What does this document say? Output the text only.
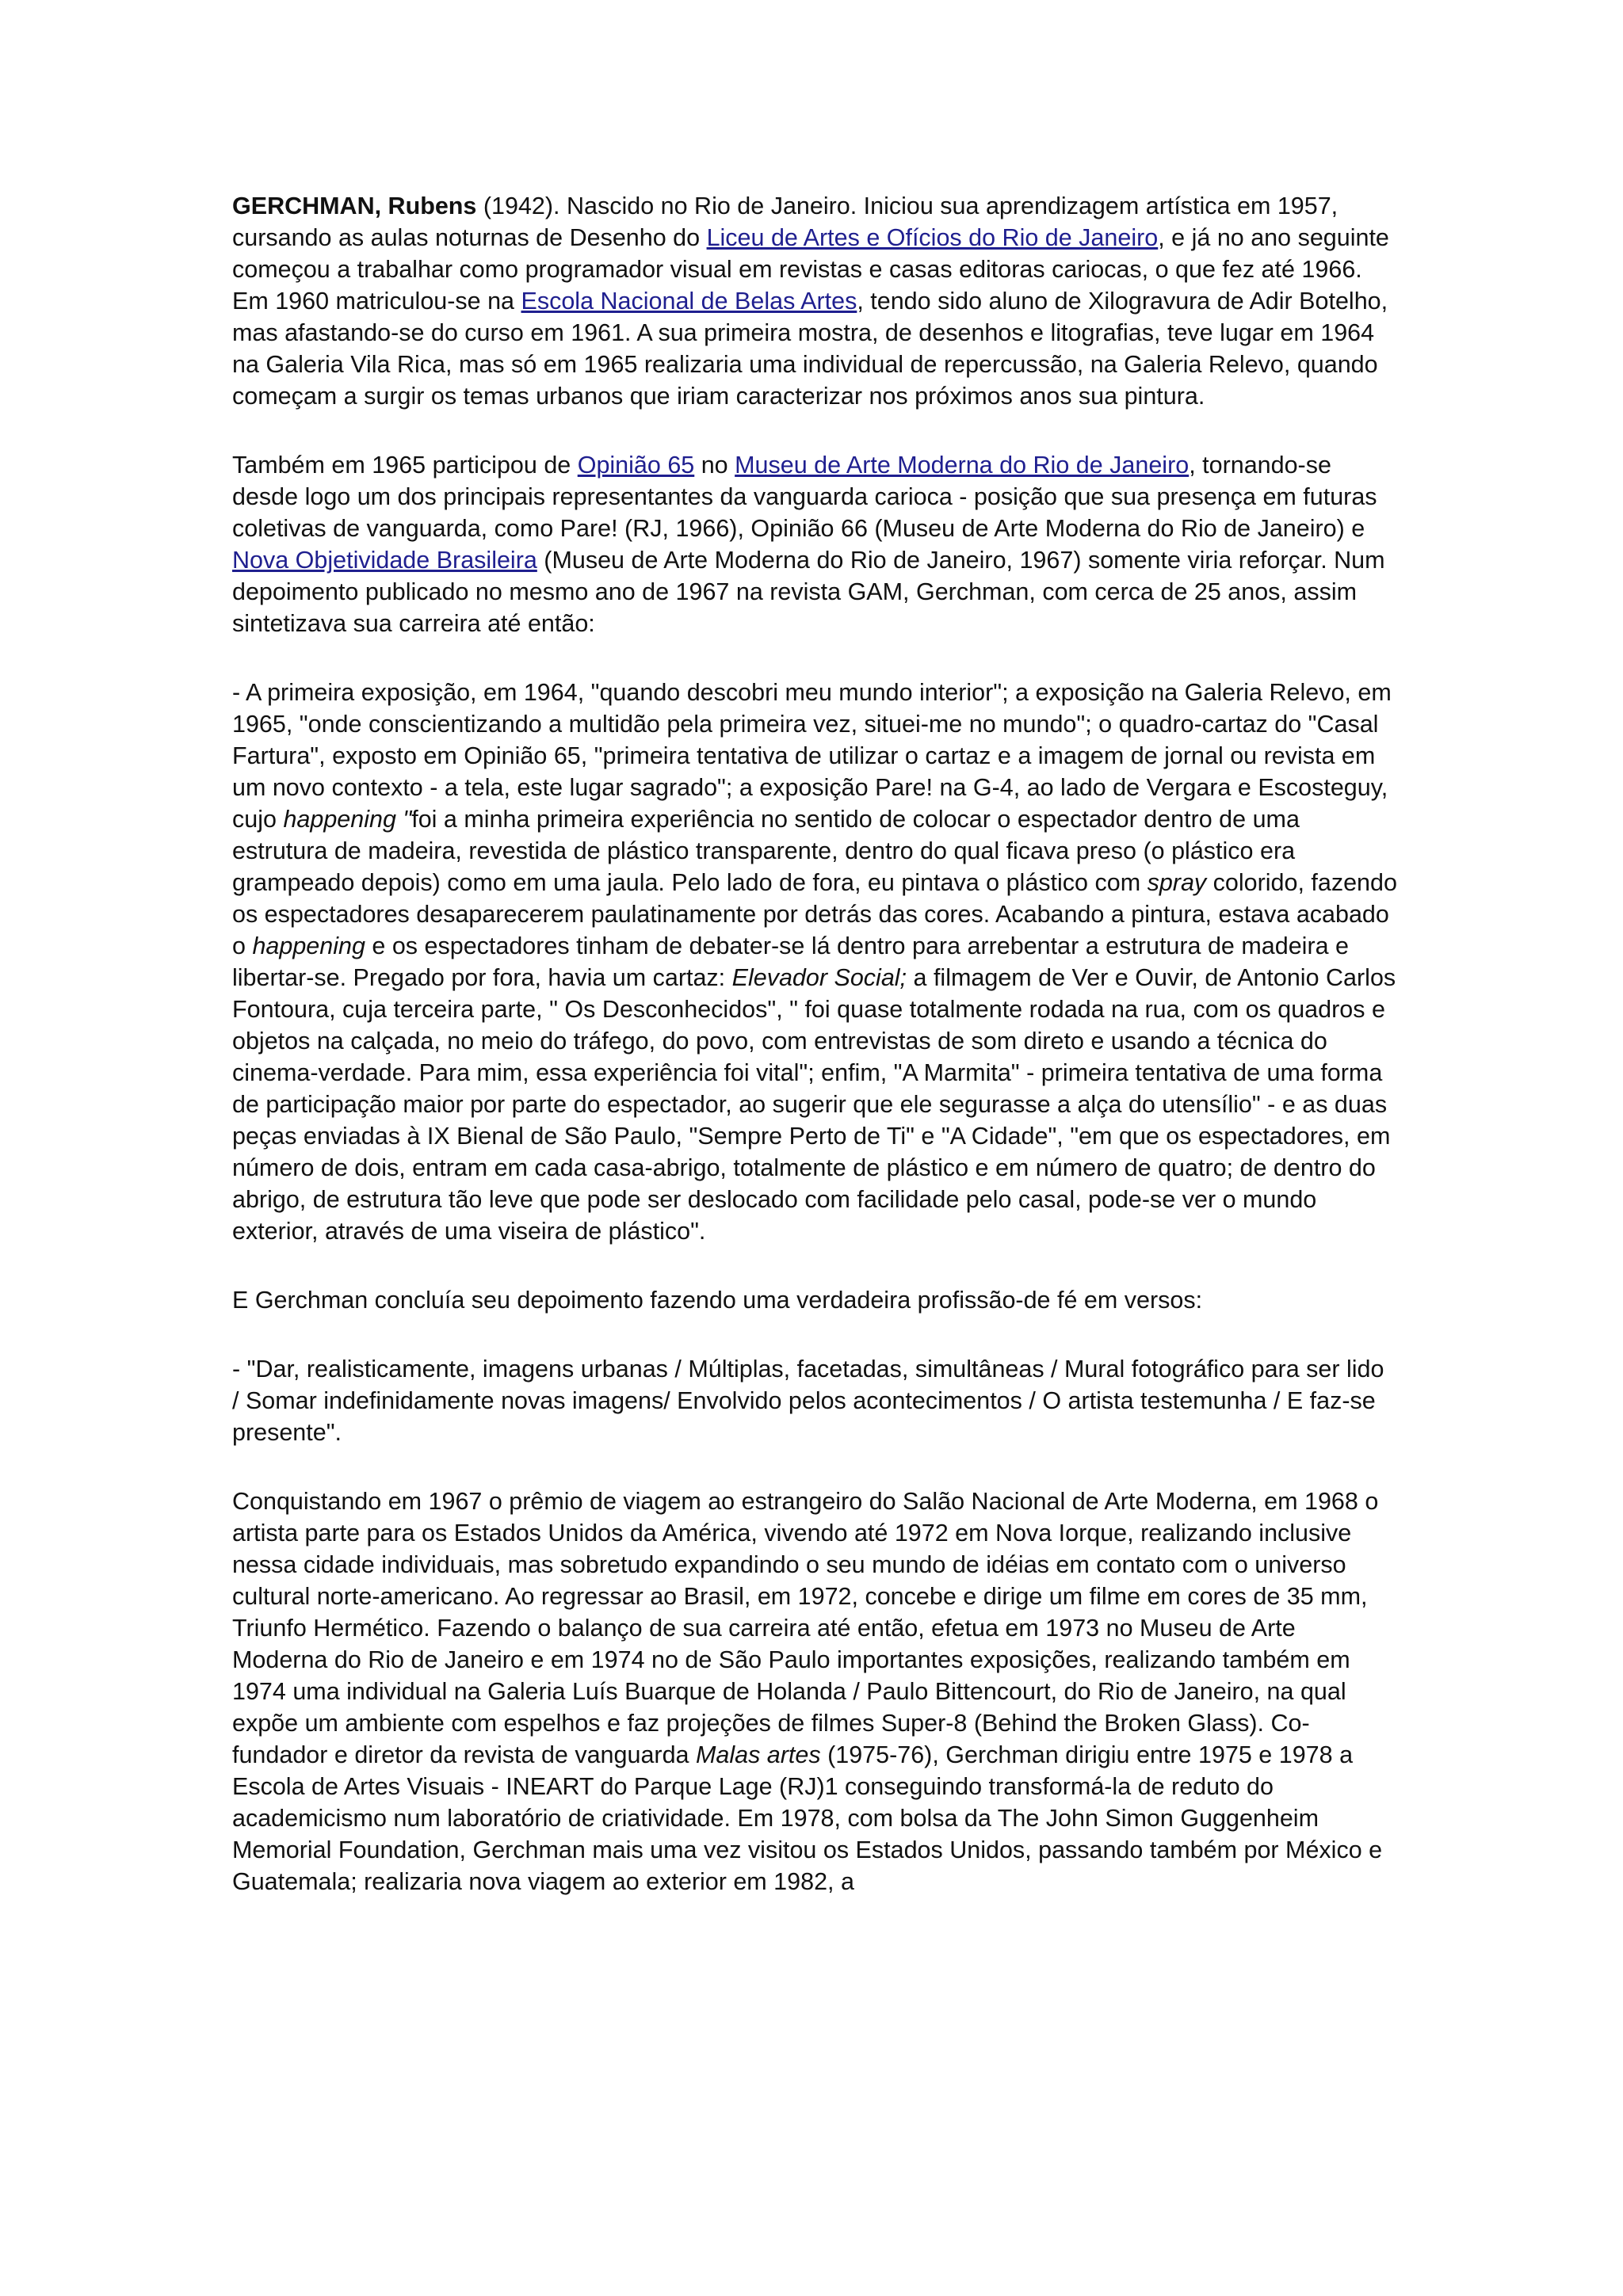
GERCHMAN, Rubens (1942). Nascido no Rio de Janeiro. Iniciou sua aprendizagem artística em 1957, cursando as aulas noturnas de Desenho do Liceu de Artes e Ofícios do Rio de Janeiro, e já no ano seguinte começou a trabalhar como programador visual em revistas e casas editoras cariocas, o que fez até 1966. Em 1960 matriculou-se na Escola Nacional de Belas Artes, tendo sido aluno de Xilogravura de Adir Botelho, mas afastando-se do curso em 1961. A sua primeira mostra, de desenhos e litografias, teve lugar em 1964 na Galeria Vila Rica, mas só em 1965 realizaria uma individual de repercussão, na Galeria Relevo, quando começam a surgir os temas urbanos que iriam caracterizar nos próximos anos sua pintura.

Também em 1965 participou de Opinião 65 no Museu de Arte Moderna do Rio de Janeiro, tornando-se desde logo um dos principais representantes da vanguarda carioca - posição que sua presença em futuras coletivas de vanguarda, como Pare! (RJ, 1966), Opinião 66 (Museu de Arte Moderna do Rio de Janeiro) e Nova Objetividade Brasileira (Museu de Arte Moderna do Rio de Janeiro, 1967) somente viria reforçar. Num depoimento publicado no mesmo ano de 1967 na revista GAM, Gerchman, com cerca de 25 anos, assim sintetizava sua carreira até então:

- A primeira exposição, em 1964, "quando descobri meu mundo interior"; a exposição na Galeria Relevo, em 1965, "onde conscientizando a multidão pela primeira vez, situei-me no mundo"; o quadro-cartaz do "Casal Fartura", exposto em Opinião 65, "primeira tentativa de utilizar o cartaz e a imagem de jornal ou revista em um novo contexto - a tela, este lugar sagrado"; a exposição Pare! na G-4, ao lado de Vergara e Escosteguy, cujo happening "foi a minha primeira experiência no sentido de colocar o espectador dentro de uma estrutura de madeira, revestida de plástico transparente, dentro do qual ficava preso (o plástico era grampeado depois) como em uma jaula. Pelo lado de fora, eu pintava o plástico com spray colorido, fazendo os espectadores desaparecerem paulatinamente por detrás das cores. Acabando a pintura, estava acabado o happening e os espectadores tinham de debater-se lá dentro para arrebentar a estrutura de madeira e libertar-se. Pregado por fora, havia um cartaz: Elevador Social; a filmagem de Ver e Ouvir, de Antonio Carlos Fontoura, cuja terceira parte, " Os Desconhecidos", " foi quase totalmente rodada na rua, com os quadros e objetos na calçada, no meio do tráfego, do povo, com entrevistas de som direto e usando a técnica do cinema-verdade. Para mim, essa experiência foi vital"; enfim, "A Marmita" - primeira tentativa de uma forma de participação maior por parte do espectador, ao sugerir que ele segurasse a alça do utensílio" - e as duas peças enviadas à IX Bienal de São Paulo, "Sempre Perto de Ti" e "A Cidade", "em que os espectadores, em número de dois, entram em cada casa-abrigo, totalmente de plástico e em número de quatro; de dentro do abrigo, de estrutura tão leve que pode ser deslocado com facilidade pelo casal, pode-se ver o mundo exterior, através de uma viseira de plástico".

E Gerchman concluía seu depoimento fazendo uma verdadeira profissão-de fé em versos:

- "Dar, realisticamente, imagens urbanas / Múltiplas, facetadas, simultâneas / Mural fotográfico para ser lido / Somar indefinidamente novas imagens/ Envolvido pelos acontecimentos / O artista testemunha / E faz-se presente".

Conquistando em 1967 o prêmio de viagem ao estrangeiro do Salão Nacional de Arte Moderna, em 1968 o artista parte para os Estados Unidos da América, vivendo até 1972 em Nova Iorque, realizando inclusive nessa cidade individuais, mas sobretudo expandindo o seu mundo de idéias em contato com o universo cultural norte-americano. Ao regressar ao Brasil, em 1972, concebe e dirige um filme em cores de 35 mm, Triunfo Hermético. Fazendo o balanço de sua carreira até então, efetua em 1973 no Museu de Arte Moderna do Rio de Janeiro e em 1974 no de São Paulo importantes exposições, realizando também em 1974 uma individual na Galeria Luís Buarque de Holanda / Paulo Bittencourt, do Rio de Janeiro, na qual expõe um ambiente com espelhos e faz projeções de filmes Super-8 (Behind the Broken Glass). Co-fundador e diretor da revista de vanguarda Malas artes (1975-76), Gerchman dirigiu entre 1975 e 1978 a Escola de Artes Visuais - INEART do Parque Lage (RJ)1 conseguindo transformá-la de reduto do academicismo num laboratório de criatividade. Em 1978, com bolsa da The John Simon Guggenheim Memorial Foundation, Gerchman mais uma vez visitou os Estados Unidos, passando também por México e Guatemala; realizaria nova viagem ao exterior em 1982, a
